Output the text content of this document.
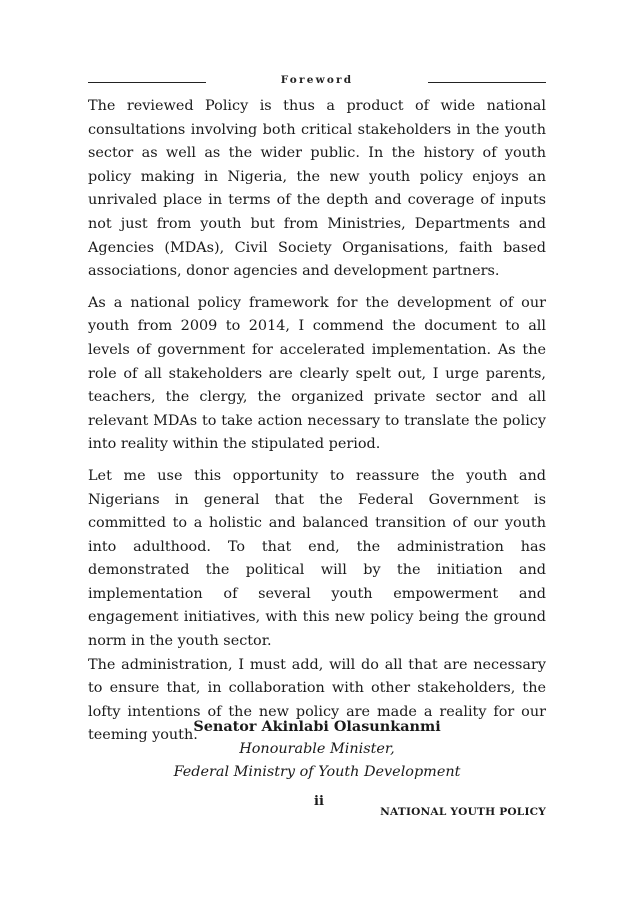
Foreword

The reviewed Policy is thus a product of wide national consultations involving both critical stakeholders in the youth sector as well as the wider public. In the history of youth policy making in Nigeria, the new youth policy enjoys an unrivaled place in terms of the depth and coverage of inputs not just from youth but from Ministries, Departments and Agencies (MDAs), Civil Society Organisations, faith based associations, donor agencies and development partners.

As a national policy framework for the development of our youth from 2009 to 2014, I commend the document to all levels of government for accelerated implementation. As the role of all stakeholders are clearly spelt out, I urge parents, teachers, the clergy, the organized private sector and all relevant MDAs to take action necessary to translate the policy into reality within the stipulated period.

Let me use this opportunity to reassure the youth and Nigerians in general that the Federal Government is committed to a holistic and balanced transition of our youth into adulthood. To that end, the administration has demonstrated the political will by the initiation and implementation of several youth empowerment and engagement initiatives, with this new policy being the ground norm in the youth sector.

The administration, I must add, will do all that are necessary to ensure that, in collaboration with other stakeholders, the lofty intentions of the new policy are made a reality for our teeming youth.

Senator Akinlabi Olasunkanmi
Honourable Minister,
Federal Ministry of Youth Development
ii
NATIONAL YOUTH POLICY
